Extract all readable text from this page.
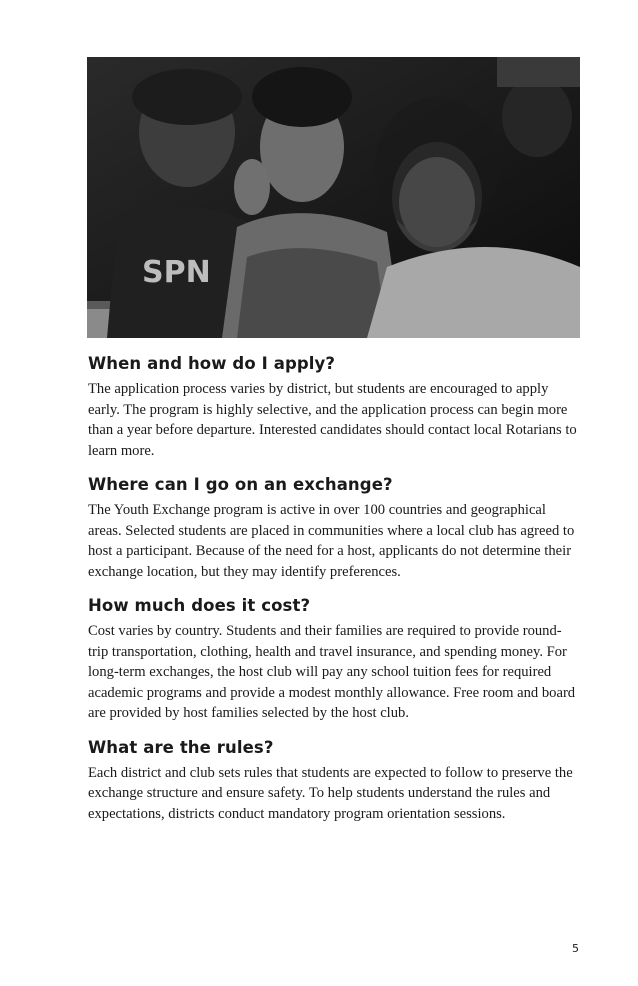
SPN
When and how do I apply?

The application process varies by district, but students are encouraged to apply early. The program is highly selective, and the application process can begin more than a year before departure. Interested candidates should contact local Rotarians to learn more.

Where can I go on an exchange?

The Youth Exchange program is active in over 100 countries and geographical areas. Selected students are placed in communities where a local club has agreed to host a participant. Because of the need for a host, applicants do not determine their exchange location, but they may identify preferences.

How much does it cost?

Cost varies by country. Students and their families are required to provide round-trip transportation, clothing, health and travel insurance, and spending money. For long-term exchanges, the host club will pay any school tuition fees for required academic programs and provide a modest monthly allowance. Free room and board are provided by host families selected by the host club.

What are the rules?

Each district and club sets rules that students are expected to follow to preserve the exchange structure and ensure safety. To help students understand the rules and expectations, districts conduct mandatory program orientation sessions.

5
